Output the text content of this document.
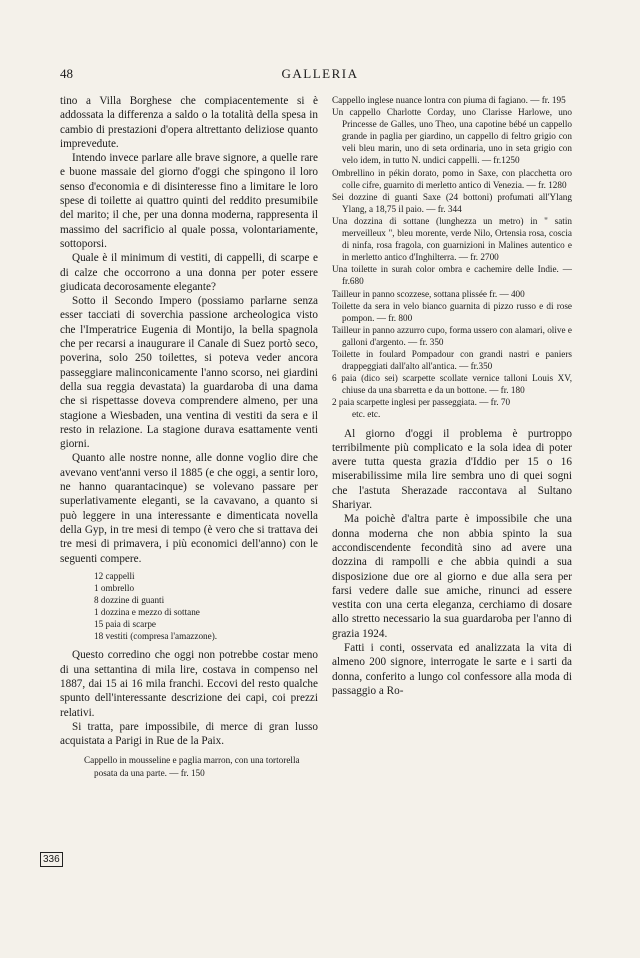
48	GALLERIA

tino a Villa Borghese che compiacentemente si è addossata la differenza a saldo o la totalità della spesa in cambio di prestazioni d'opera altrettanto deliziose quanto imprevedute.

Intendo invece parlare alle brave signore, a quelle rare e buone massaie del giorno d'oggi che spingono il loro senso d'economia e di disinteresse fino a limitare le loro spese di toilette ai quattro quinti del reddito presumibile del marito; il che, per una donna moderna, rappresenta il massimo del sacrificio al quale possa, volontariamente, sottoporsi.

Quale è il minimum di vestiti, di cappelli, di scarpe e di calze che occorrono a una donna per poter essere giudicata decorosamente elegante?

Sotto il Secondo Impero (possiamo parlarne senza esser tacciati di soverchia passione archeologica visto che l'Imperatrice Eugenia di Montijo, la bella spagnola che per recarsi a inaugurare il Canale di Suez portò seco, poverina, solo 250 toilettes, si poteva veder ancora passeggiare malinconicamente l'anno scorso, nei giardini della sua reggia devastata) la guardaroba di una dama che si rispettasse doveva comprendere almeno, per una stagione a Wiesbaden, una ventina di vestiti da sera e il resto in relazione. La stagione durava esattamente venti giorni.

Quanto alle nostre nonne, alle donne voglio dire che avevano vent'anni verso il 1885 (e che oggi, a sentir loro, ne hanno quarantacinque) se volevano passare per superlativamente eleganti, se la cavavano, a quanto si può leggere in una interessante e dimenticata novella della Gyp, in tre mesi di tempo (è vero che si trattava dei tre mesi di primavera, i più economici dell'anno) con le seguenti compere.

12 cappelli
1 ombrello
8 dozzine di guanti
1 dozzina e mezzo di sottane
15 paia di scarpe
18 vestiti (compresa l'amazzone).

Questo corredino che oggi non potrebbe costar meno di una settantina di mila lire, costava in compenso nel 1887, dai 15 ai 16 mila franchi. Eccovi del resto qualche spunto dell'interessante descrizione dei capi, coi prezzi relativi.

Si tratta, pare impossibile, di merce di gran lusso acquistata a Parigi in Rue de la Paix.

Cappello in mousseline e paglia marron, con una tortorella posata da una parte. — fr. 150
Cappello inglese nuance lontra con piuma di fagiano. — fr. 195
Un cappello Charlotte Corday, uno Clarisse Harlowe, uno Princesse de Galles, uno Theo, una capotine bébé un cappello grande in paglia per giardino, un cappello di feltro grigio con veli bleu marin, uno di seta ordinaria, uno in seta grigio con velo idem, in tutto N. undici cappelli. — fr.1250
Ombrellino in pékin dorato, pomo in Saxe, con placchetta oro colle cifre, guarnito di merletto antico di Venezia. — fr. 1280
Sei dozzine di guanti Saxe (24 bottoni) profumati all'Ylang Ylang, a 18,75 il paio. — fr. 344
Una dozzina di sottane (lunghezza un metro) in " satin merveilleux ", bleu morente, verde Nilo, Ortensia rosa, coscia di ninfa, rosa fragola, con guarnizioni in Malines autentico e in merletto antico d'Inghilterra. — fr. 2700
Una toilette in surah color ombra e cachemire delle Indie. — fr.680
Tailleur in panno scozzese, sottana plissée fr. — 400
Toilette da sera in velo bianco guarnita di pizzo russo e di rose pompon. — fr. 800
Tailleur in panno azzurro cupo, forma ussero con alamari, olive e galloni d'argento. — fr. 350
Toilette in foulard Pompadour con grandi nastri e paniers drappeggiati dall'alto all'antica. — fr.350
6 paia (dico sei) scarpette scollate vernice talloni Louis XV, chiuse da una sbarretta e da un bottone. — fr. 180
2 paia scarpette inglesi per passeggiata. — fr. 70
etc. etc.

Al giorno d'oggi il problema è purtroppo terribilmente più complicato e la sola idea di poter avere tutta questa grazia d'Iddio per 15 o 16 miserabilissime mila lire sembra uno di quei sogni che l'astuta Sherazade raccontava al Sultano Shariyar.

Ma poichè d'altra parte è impossibile che una donna moderna che non abbia spinto la sua accondiscendente fecondità sino ad avere una dozzina di rampolli e che abbia quindi a sua disposizione due ore al giorno e due alla sera per farsi vedere dalle sue amiche, rinunci ad essere vestita con una certa eleganza, cerchiamo di dosare allo stretto necessario la sua guardaroba per l'anno di grazia 1924.

Fatti i conti, osservata ed analizzata la vita di almeno 200 signore, interrogate le sarte e i sarti da donna, conferito a lungo col confessore alla moda di passaggio a Ro-

336
